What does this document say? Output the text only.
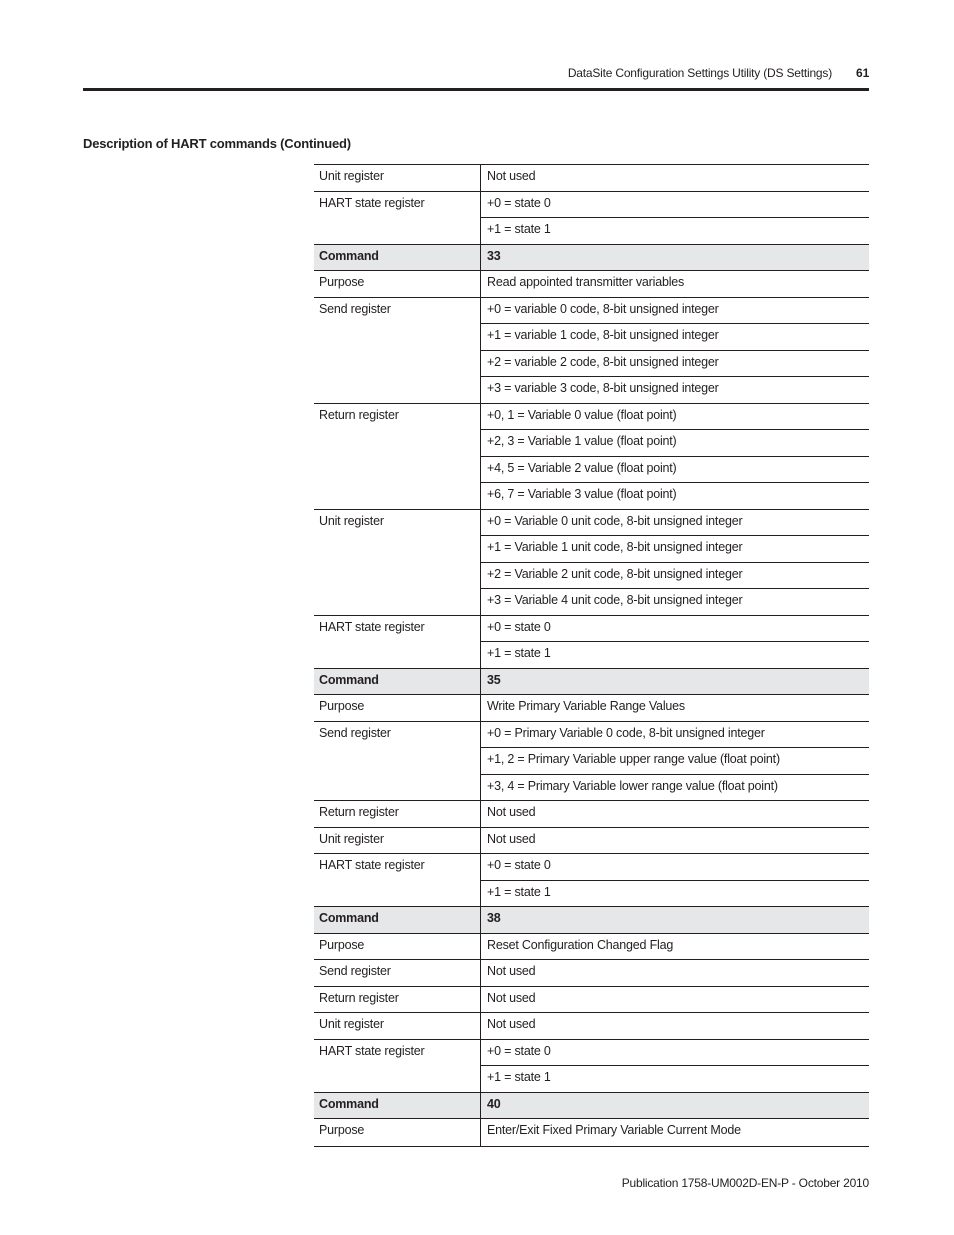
DataSite Configuration Settings Utility (DS Settings) 61
Description of HART commands (Continued)
Unit register	Not used
HART state register	+0 = state 0
+1 = state 1
Command	33
Purpose	Read appointed transmitter variables
Send register	+0 = variable 0 code, 8-bit unsigned integer
+1 = variable 1 code, 8-bit unsigned integer
+2 = variable 2 code, 8-bit unsigned integer
+3 = variable 3 code, 8-bit unsigned integer
Return register	+0, 1 = Variable 0 value (float point)
+2, 3 = Variable 1 value (float point)
+4, 5 = Variable 2 value (float point)
+6, 7 = Variable 3 value (float point)
Unit register	+0 = Variable 0 unit code, 8-bit unsigned integer
+1 = Variable 1 unit code, 8-bit unsigned integer
+2 = Variable 2 unit code, 8-bit unsigned integer
+3 = Variable 4 unit code, 8-bit unsigned integer
HART state register	+0 = state 0
+1 = state 1
Command	35
Purpose	Write Primary Variable Range Values
Send register	+0 = Primary Variable 0 code, 8-bit unsigned integer
+1, 2 = Primary Variable upper range value (float point)
+3, 4 = Primary Variable lower range value (float point)
Return register	Not used
Unit register	Not used
HART state register	+0 = state 0
+1 = state 1
Command	38
Purpose	Reset Configuration Changed Flag
Send register	Not used
Return register	Not used
Unit register	Not used
HART state register	+0 = state 0
+1 = state 1
Command	40
Purpose	Enter/Exit Fixed Primary Variable Current Mode
Publication 1758-UM002D-EN-P - October 2010
